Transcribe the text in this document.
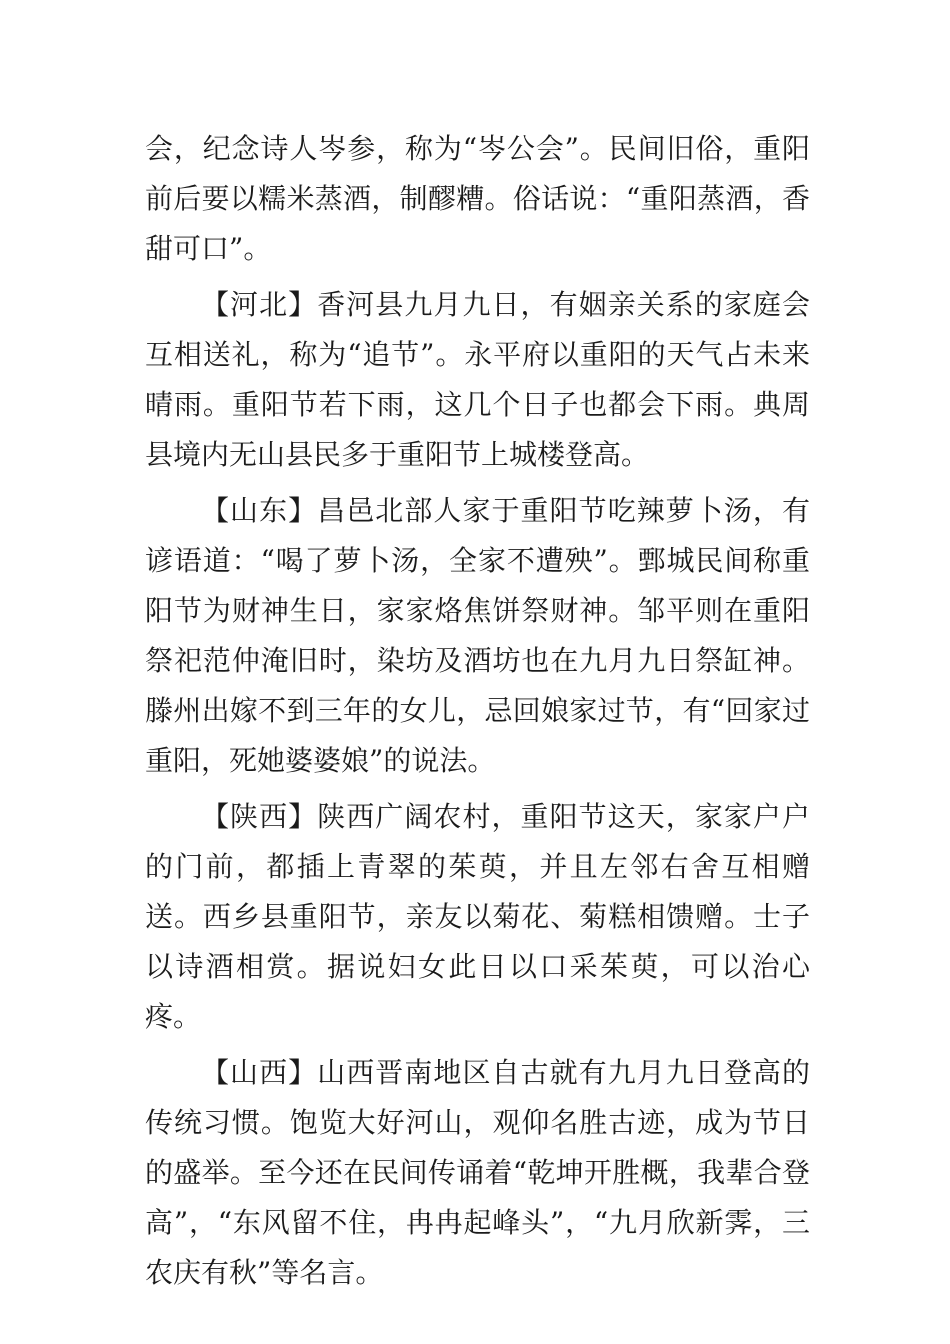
会，纪念诗人岑参，称为“岑公会”。民间旧俗，重阳前后要以糯米蒸酒，制醪糟。俗话说：“重阳蒸酒，香甜可口”。

【河北】香河县九月九日，有姻亲关系的家庭会互相送礼，称为“追节”。永平府以重阳的天气占未来晴雨。重阳节若下雨，这几个日子也都会下雨。典周县境内无山县民多于重阳节上城楼登高。

【山东】昌邑北部人家于重阳节吃辣萝卜汤，有谚语道：“喝了萝卜汤，全家不遭殃”。鄄城民间称重阳节为财神生日，家家烙焦饼祭财神。邹平则在重阳祭祀范仲淹旧时，染坊及酒坊也在九月九日祭缸神。滕州出嫁不到三年的女儿，忌回娘家过节，有“回家过重阳，死她婆婆娘”的说法。

【陕西】陕西广阔农村，重阳节这天，家家户户的门前，都插上青翠的茱萸，并且左邻右舍互相赠送。西乡县重阳节，亲友以菊花、菊糕相馈赠。士子以诗酒相赏。据说妇女此日以口采茱萸，可以治心疼。

【山西】山西晋南地区自古就有九月九日登高的传统习惯。饱览大好河山，观仰名胜古迹，成为节日的盛举。至今还在民间传诵着“乾坤开胜概，我辈合登高”，“东风留不住，冉冉起峰头”，“九月欣新霁，三农庆有秋”等名言。
